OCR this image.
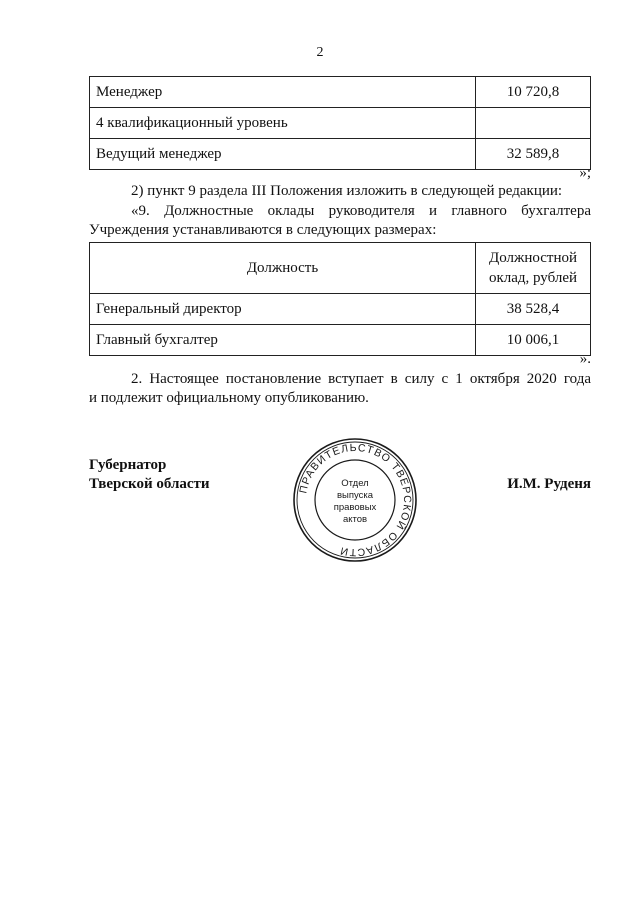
2
Менеджер	10 720,8
4 квалификационный уровень	
Ведущий менеджер	32 589,8
»;
2) пункт 9 раздела III Положения изложить в следующей редакции:
«9. Должностные оклады руководителя и главного бухгалтера
Учреждения устанавливаются в следующих размерах:
Должность	Должностной
оклад, рублей

Генеральный директор	38 528,4
Главный бухгалтер	10 006,1
».
2. Настоящее постановление вступает в силу с 1 октября 2020 года
и подлежит официальному опубликованию.
Губернатор
Тверской области	И.М. Руденя
ПРАВИТЕЛЬСТВО ТВЕРСКОЙ ОБЛАСТИ
Отдел
выпуска
правовых
актов
